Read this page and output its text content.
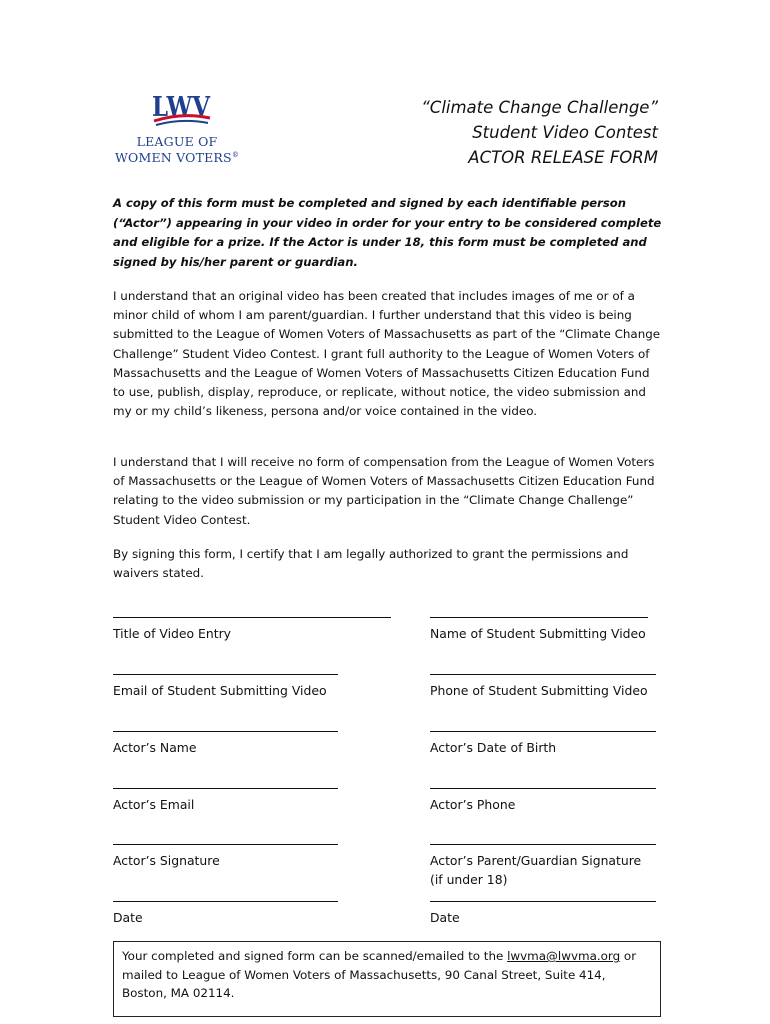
LWV
LEAGUE OF
WOMEN VOTERS®
“Climate Change Challenge”
Student Video Contest
ACTOR RELEASE FORM
A copy of this form must be completed and signed by each identifiable person (“Actor”) appearing in your video in order for your entry to be considered complete and eligible for a prize. If the Actor is under 18, this form must be completed and signed by his/her parent or guardian.
I understand that an original video has been created that includes images of me or of a minor child of whom I am parent/guardian. I further understand that this video is being submitted to the League of Women Voters of Massachusetts as part of the “Climate Change Challenge” Student Video Contest. I grant full authority to the League of Women Voters of Massachusetts and the League of Women Voters of Massachusetts Citizen Education Fund to use, publish, display, reproduce, or replicate, without notice, the video submission and my or my child’s likeness, persona and/or voice contained in the video.
I understand that I will receive no form of compensation from the League of Women Voters of Massachusetts or the League of Women Voters of Massachusetts Citizen Education Fund relating to the video submission or my participation in the “Climate Change Challenge” Student Video Contest.
By signing this form, I certify that I am legally authorized to grant the permissions and waivers stated.
Title of Video Entry	Name of Student Submitting Video
Email of Student Submitting Video	Phone of Student Submitting Video
Actor’s Name	Actor’s Date of Birth
Actor’s Email	Actor’s Phone
Actor’s Signature	Actor’s Parent/Guardian Signature
(if under 18)
Date	Date
Your completed and signed form can be scanned/emailed to the lwvma@lwvma.org or mailed to League of Women Voters of Massachusetts, 90 Canal Street, Suite 414, Boston, MA 02114.
